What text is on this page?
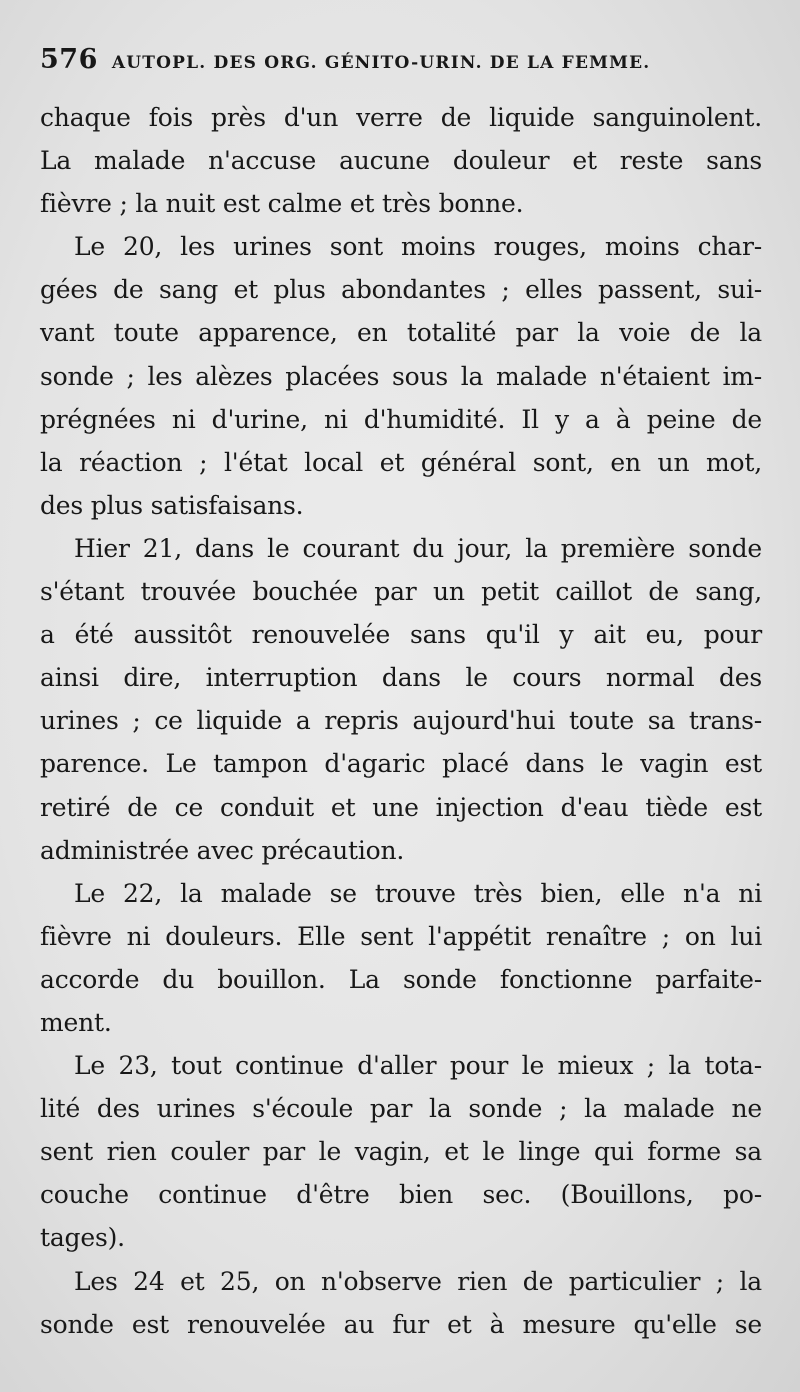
576 AUTOPL. DES ORG. GÉNITO-URIN. DE LA FEMME.
chaque fois près d'un verre de liquide sanguinolent.
La malade n'accuse aucune douleur et reste sans
fièvre ; la nuit est calme et très bonne.
Le 20, les urines sont moins rouges, moins char-
gées de sang et plus abondantes ; elles passent, sui-
vant toute apparence, en totalité par la voie de la
sonde ; les alèzes placées sous la malade n'étaient im-
prégnées ni d'urine, ni d'humidité. Il y a à peine de
la réaction ; l'état local et général sont, en un mot,
des plus satisfaisans.
Hier 21, dans le courant du jour, la première sonde
s'étant trouvée bouchée par un petit caillot de sang,
a été aussitôt renouvelée sans qu'il y ait eu, pour
ainsi dire, interruption dans le cours normal des
urines ; ce liquide a repris aujourd'hui toute sa trans-
parence. Le tampon d'agaric placé dans le vagin est
retiré de ce conduit et une injection d'eau tiède est
administrée avec précaution.
Le 22, la malade se trouve très bien, elle n'a ni
fièvre ni douleurs. Elle sent l'appétit renaître ; on lui
accorde du bouillon. La sonde fonctionne parfaite-
ment.
Le 23, tout continue d'aller pour le mieux ; la tota-
lité des urines s'écoule par la sonde ; la malade ne
sent rien couler par le vagin, et le linge qui forme sa
couche continue d'être bien sec. (Bouillons, po-
tages).
Les 24 et 25, on n'observe rien de particulier ; la
sonde est renouvelée au fur et à mesure qu'elle se
